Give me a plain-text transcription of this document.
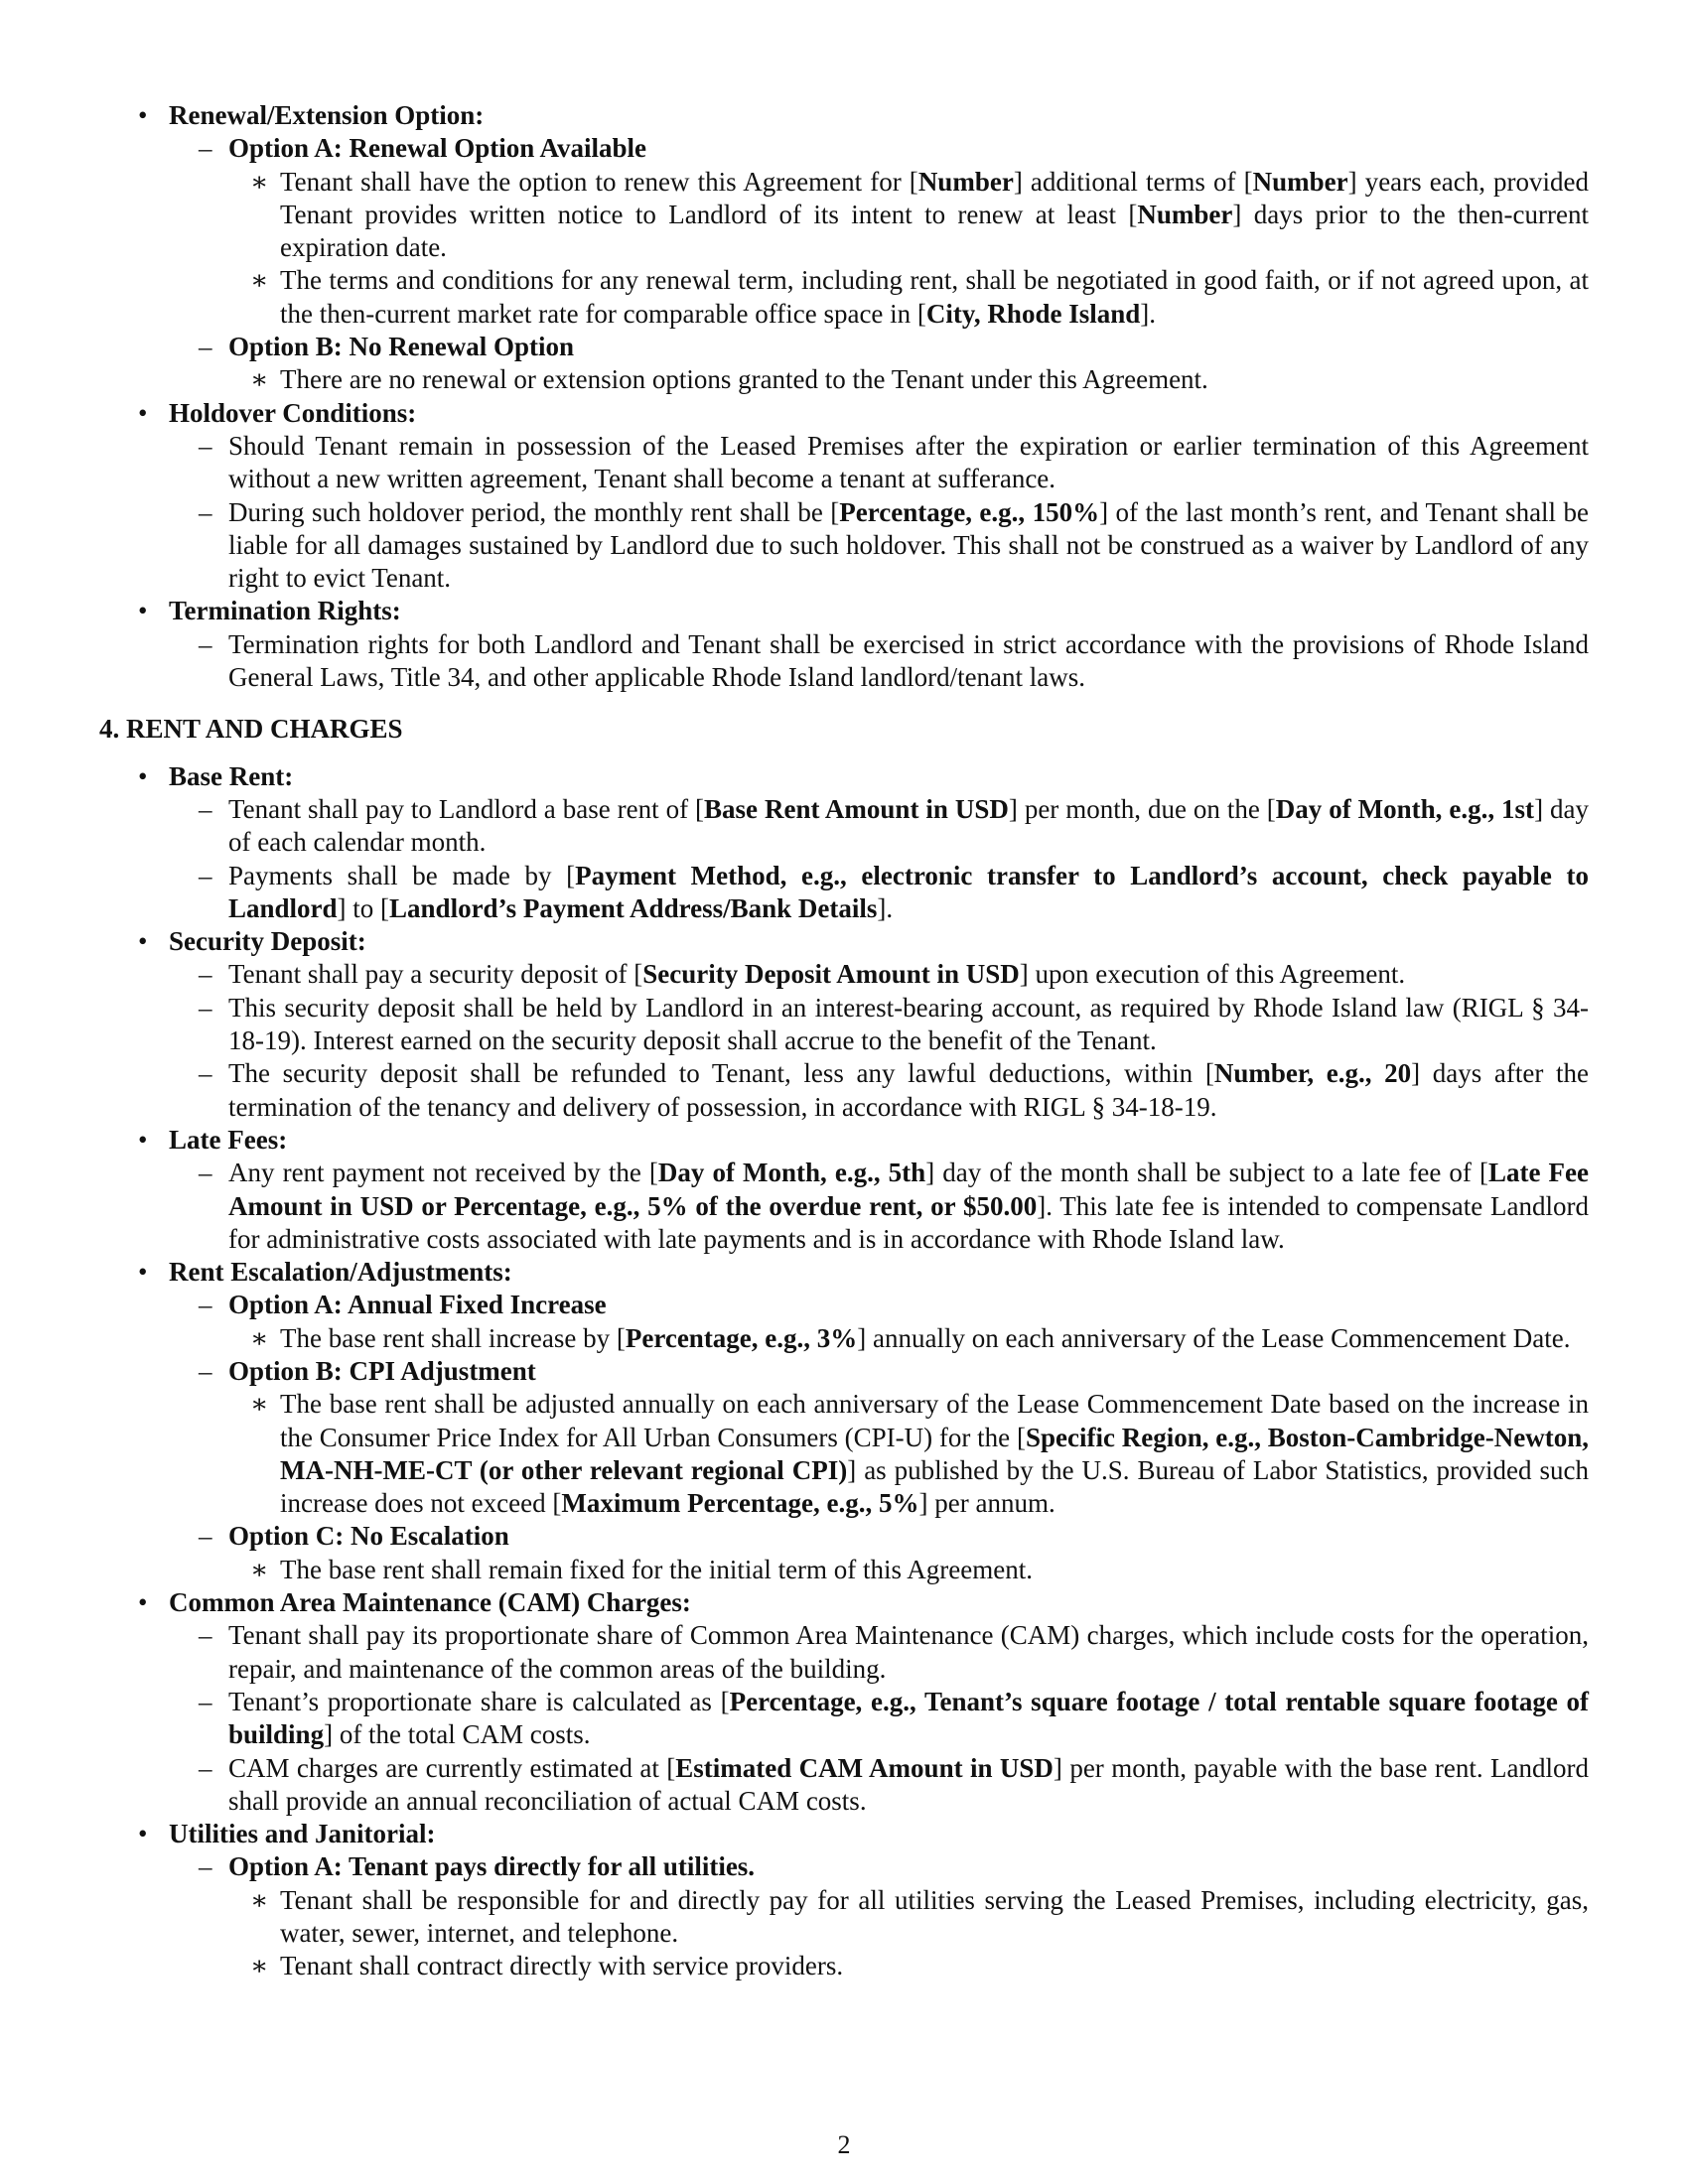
• Renewal/Extension Option:
– Option A: Renewal Option Available
∗ Tenant shall have the option to renew this Agreement for [Number] additional terms of [Number] years each, provided Tenant provides written notice to Landlord of its intent to renew at least [Number] days prior to the then-current expiration date.
∗ The terms and conditions for any renewal term, including rent, shall be negotiated in good faith, or if not agreed upon, at the then-current market rate for comparable office space in [City, Rhode Island].
– Option B: No Renewal Option
∗ There are no renewal or extension options granted to the Tenant under this Agreement.
• Holdover Conditions:
– Should Tenant remain in possession of the Leased Premises after the expiration or earlier termination of this Agreement without a new written agreement, Tenant shall become a tenant at sufferance.
– During such holdover period, the monthly rent shall be [Percentage, e.g., 150%] of the last month’s rent, and Tenant shall be liable for all damages sustained by Landlord due to such holdover. This shall not be construed as a waiver by Landlord of any right to evict Tenant.
• Termination Rights:
– Termination rights for both Landlord and Tenant shall be exercised in strict accordance with the provisions of Rhode Island General Laws, Title 34, and other applicable Rhode Island landlord/tenant laws.
4. RENT AND CHARGES
• Base Rent:
– Tenant shall pay to Landlord a base rent of [Base Rent Amount in USD] per month, due on the [Day of Month, e.g., 1st] day of each calendar month.
– Payments shall be made by [Payment Method, e.g., electronic transfer to Landlord’s account, check payable to Landlord] to [Landlord’s Payment Address/Bank Details].
• Security Deposit:
– Tenant shall pay a security deposit of [Security Deposit Amount in USD] upon execution of this Agreement.
– This security deposit shall be held by Landlord in an interest-bearing account, as required by Rhode Island law (RIGL § 34-18-19). Interest earned on the security deposit shall accrue to the benefit of the Tenant.
– The security deposit shall be refunded to Tenant, less any lawful deductions, within [Number, e.g., 20] days after the termination of the tenancy and delivery of possession, in accordance with RIGL § 34-18-19.
• Late Fees:
– Any rent payment not received by the [Day of Month, e.g., 5th] day of the month shall be subject to a late fee of [Late Fee Amount in USD or Percentage, e.g., 5% of the overdue rent, or $50.00]. This late fee is intended to compensate Landlord for administrative costs associated with late payments and is in accordance with Rhode Island law.
• Rent Escalation/Adjustments:
– Option A: Annual Fixed Increase
∗ The base rent shall increase by [Percentage, e.g., 3%] annually on each anniversary of the Lease Commencement Date.
– Option B: CPI Adjustment
∗ The base rent shall be adjusted annually on each anniversary of the Lease Commencement Date based on the increase in the Consumer Price Index for All Urban Consumers (CPI-U) for the [Specific Region, e.g., Boston-Cambridge-Newton, MA-NH-ME-CT (or other relevant regional CPI)] as published by the U.S. Bureau of Labor Statistics, provided such increase does not exceed [Maximum Percentage, e.g., 5%] per annum.
– Option C: No Escalation
∗ The base rent shall remain fixed for the initial term of this Agreement.
• Common Area Maintenance (CAM) Charges:
– Tenant shall pay its proportionate share of Common Area Maintenance (CAM) charges, which include costs for the operation, repair, and maintenance of the common areas of the building.
– Tenant’s proportionate share is calculated as [Percentage, e.g., Tenant’s square footage / total rentable square footage of building] of the total CAM costs.
– CAM charges are currently estimated at [Estimated CAM Amount in USD] per month, payable with the base rent. Landlord shall provide an annual reconciliation of actual CAM costs.
• Utilities and Janitorial:
– Option A: Tenant pays directly for all utilities.
∗ Tenant shall be responsible for and directly pay for all utilities serving the Leased Premises, including electricity, gas, water, sewer, internet, and telephone.
∗ Tenant shall contract directly with service providers.
2
